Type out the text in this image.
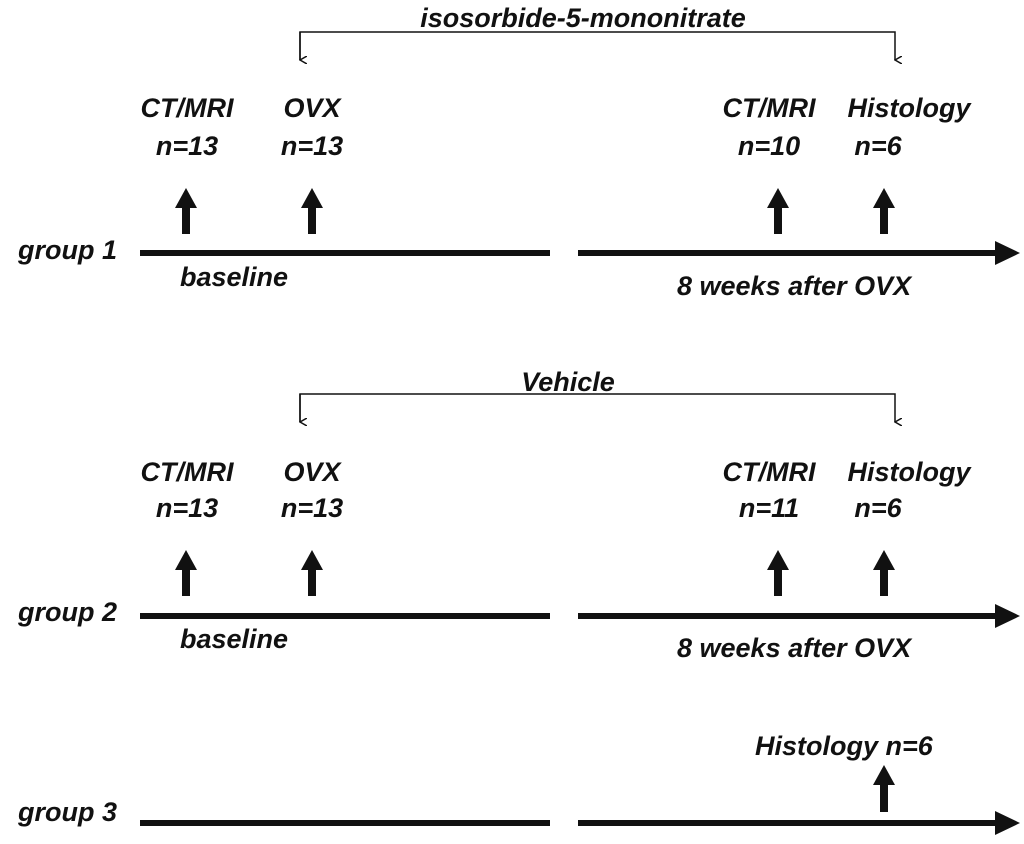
isosorbide-5-mononitrate
CT/MRI
n=13
OVX
n=13
CT/MRI
n=10
Histology
n=6
group 1
baseline	8 weeks after OVX
Vehicle
CT/MRI
n=13
OVX
n=13
CT/MRI
n=11
Histology
n=6
group 2
baseline	8 weeks after OVX
Histology n=6
group 3
